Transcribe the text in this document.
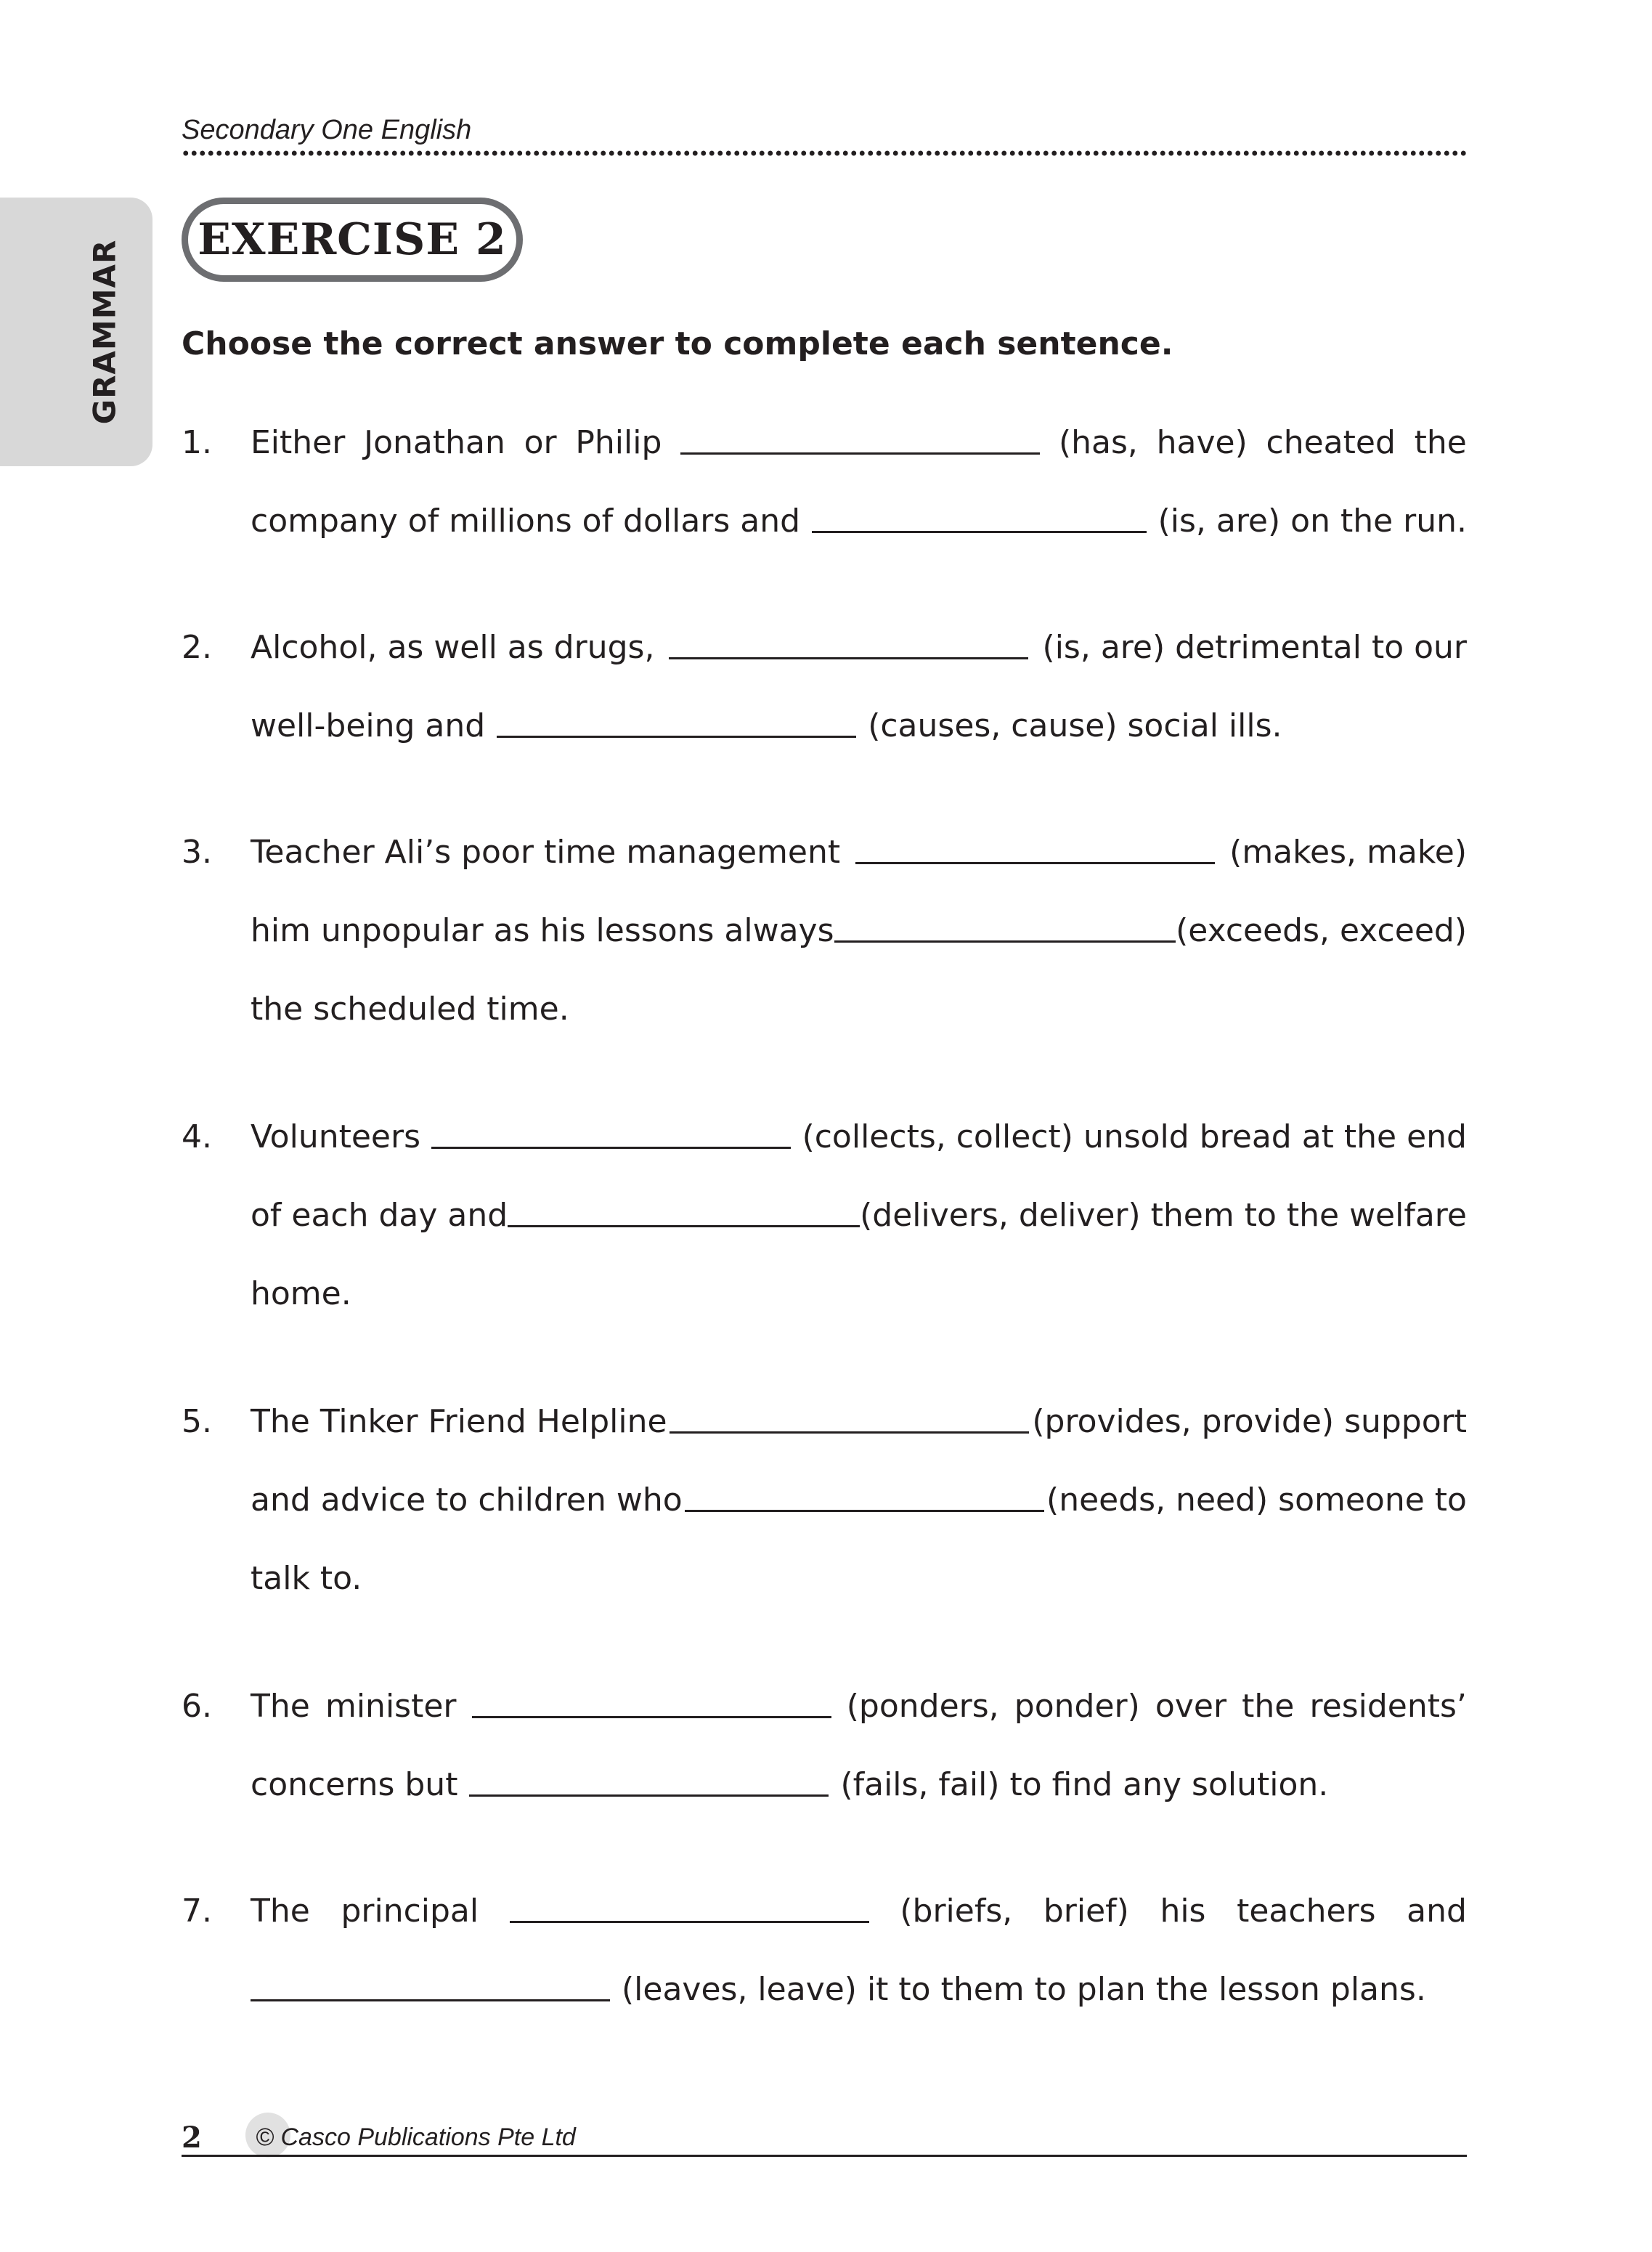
Secondary One English
GRAMMAR EXERCISE 2
Choose the correct answer to complete each sentence.
1. Either Jonathan or Philip	(has, have) cheated the
company of millions of dollars and	(is, are) on the run.
2. Alcohol, as well as drugs,	(is, are) detrimental to our
well-being and	(causes, cause) social ills.
3. Teacher Ali’s poor time management	(makes, make)
him unpopular as his lessons always	(exceeds, exceed)
the scheduled time.
4. Volunteers	(collects, collect) unsold bread at the end
of each day and	(delivers, deliver) them to the welfare
home.
5. The Tinker Friend Helpline	(provides, provide) support
and advice to children who	(needs, need) someone to
talk to.
6. The minister	(ponders, ponder) over the residents’
concerns but	(fails, fail) to find any solution.
7. The principal	(briefs, brief) his teachers and
(leaves, leave) it to them to plan the lesson plans.
2 © Casco Publications Pte Ltd
